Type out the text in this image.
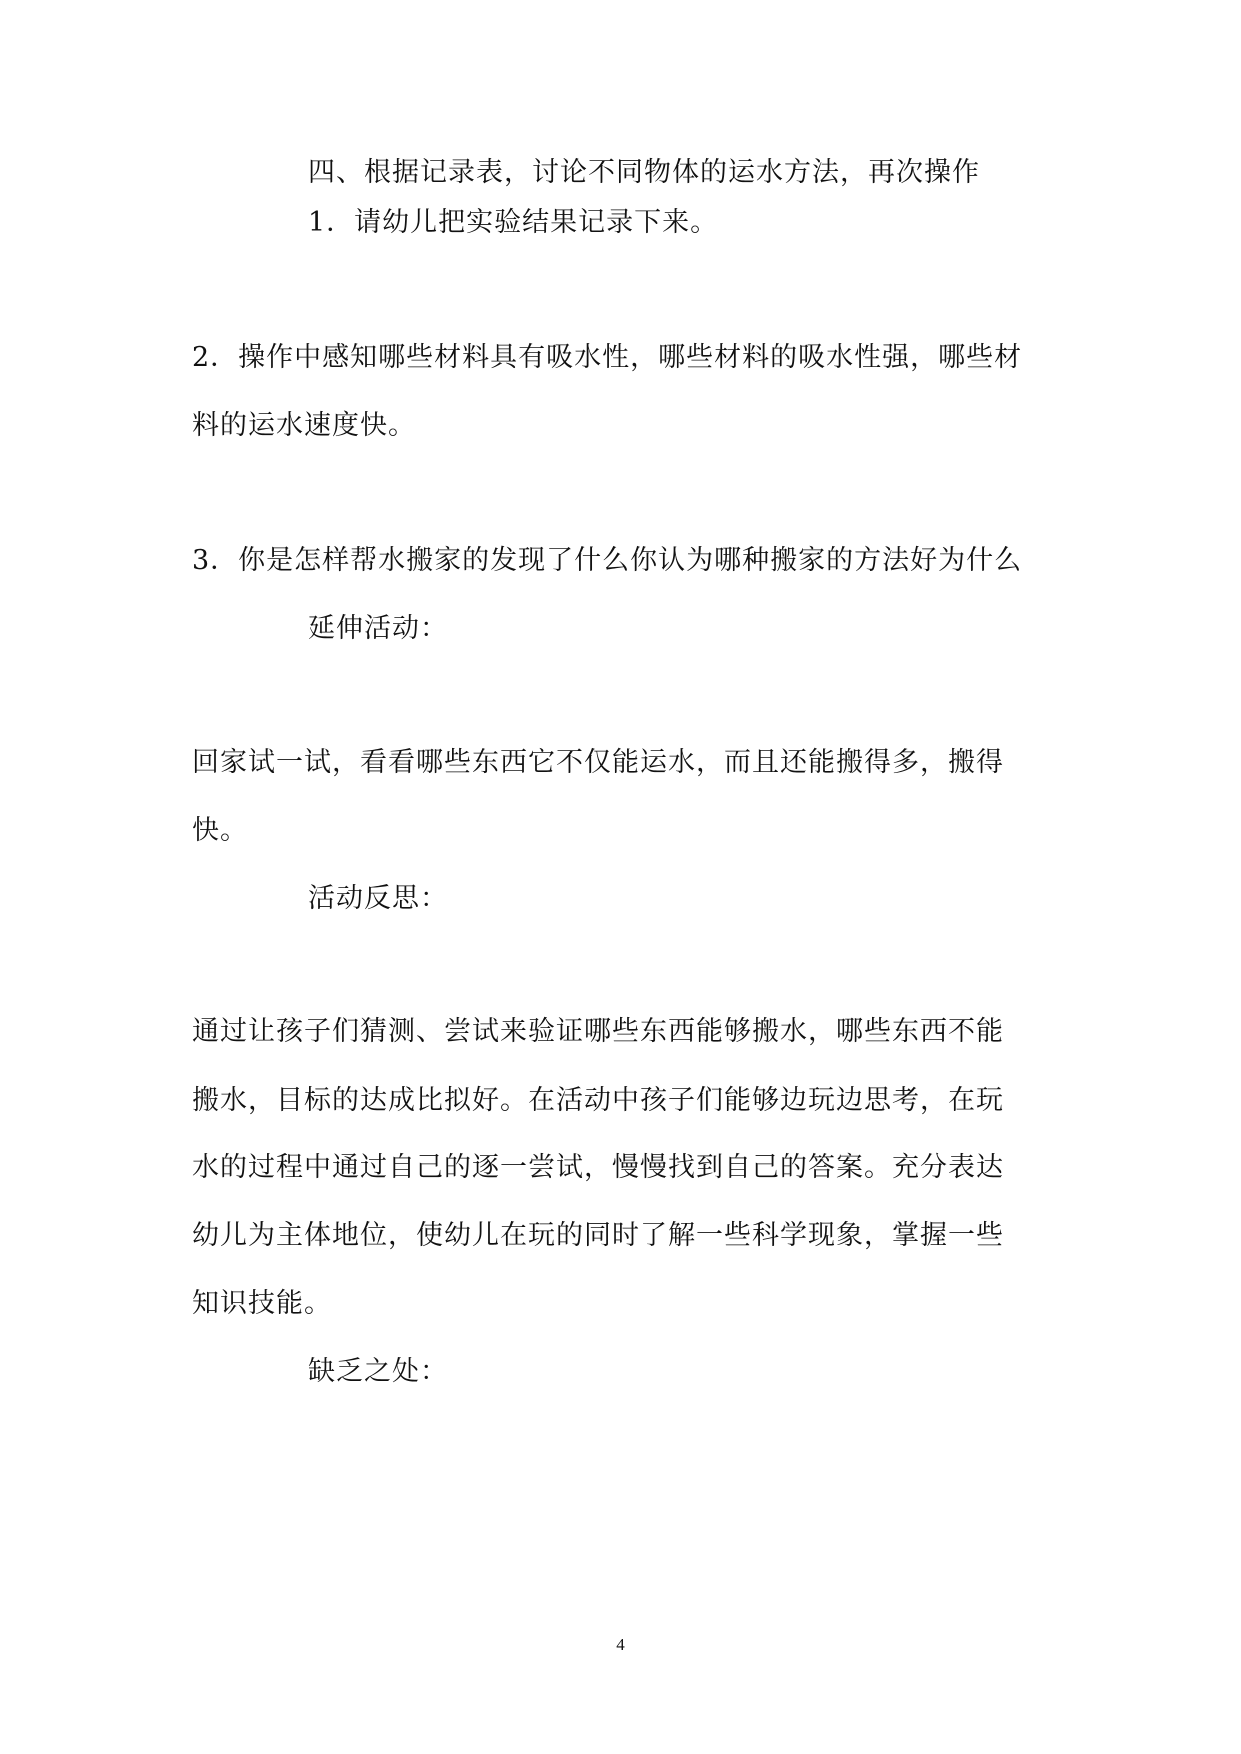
四、根据记录表，讨论不同物体的运水方法，再次操作
1．请幼儿把实验结果记录下来。
2．操作中感知哪些材料具有吸水性，哪些材料的吸水性强，哪些材
料的运水速度快。
3．你是怎样帮水搬家的发现了什么你认为哪种搬家的方法好为什么
延伸活动：
回家试一试，看看哪些东西它不仅能运水，而且还能搬得多，搬得
快。
活动反思：
通过让孩子们猜测、尝试来验证哪些东西能够搬水，哪些东西不能
搬水，目标的达成比拟好。在活动中孩子们能够边玩边思考，在玩
水的过程中通过自己的逐一尝试，慢慢找到自己的答案。充分表达
幼儿为主体地位，使幼儿在玩的同时了解一些科学现象，掌握一些
知识技能。
缺乏之处：
4
